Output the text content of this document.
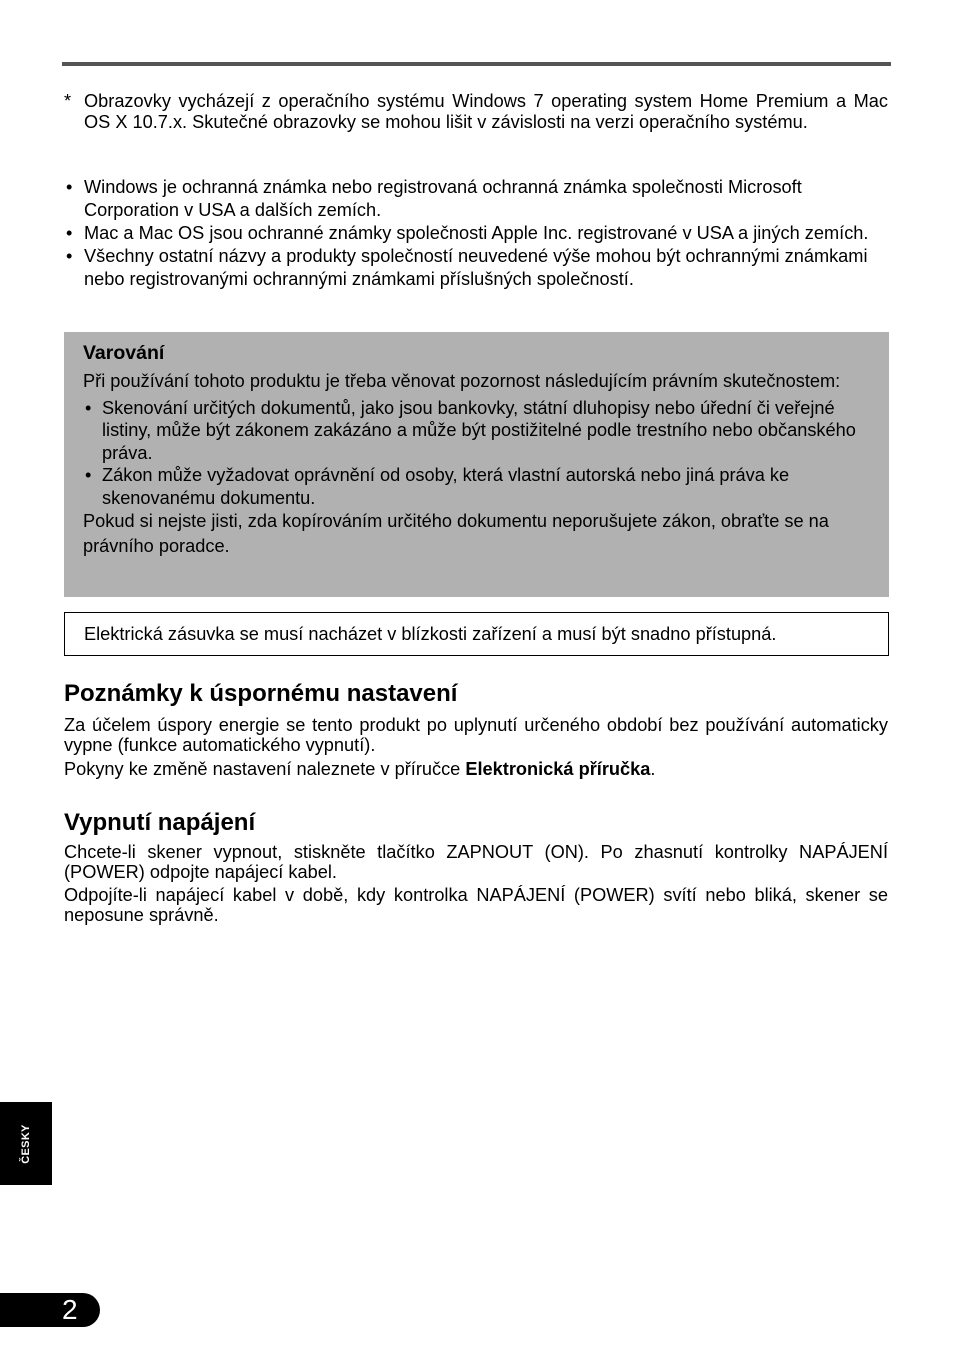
* Obrazovky vycházejí z operačního systému Windows 7 operating system Home Premium a Mac OS X 10.7.x. Skutečné obrazovky se mohou lišit v závislosti na verzi operačního systému.
• Windows je ochranná známka nebo registrovaná ochranná známka společnosti Microsoft Corporation v USA a dalších zemích.
• Mac a Mac OS jsou ochranné známky společnosti Apple Inc. registrované v USA a jiných zemích.
• Všechny ostatní názvy a produkty společností neuvedené výše mohou být ochrannými známkami nebo registrovanými ochrannými známkami příslušných společností.
Varování
Při používání tohoto produktu je třeba věnovat pozornost následujícím právním skutečnostem:
• Skenování určitých dokumentů, jako jsou bankovky, státní dluhopisy nebo úřední či veřejné listiny, může být zákonem zakázáno a může být postižitelné podle trestního nebo občanského práva.
• Zákon může vyžadovat oprávnění od osoby, která vlastní autorská nebo jiná práva ke skenovanému dokumentu.
Pokud si nejste jisti, zda kopírováním určitého dokumentu neporušujete zákon, obraťte se na právního poradce.
Elektrická zásuvka se musí nacházet v blízkosti zařízení a musí být snadno přístupná.
Poznámky k úspornému nastavení

Za účelem úspory energie se tento produkt po uplynutí určeného období bez používání automaticky vypne (funkce automatického vypnutí).

Pokyny ke změně nastavení naleznete v příručce Elektronická příručka.

Vypnutí napájení

Chcete-li skener vypnout, stiskněte tlačítko ZAPNOUT (ON). Po zhasnutí kontrolky NAPÁJENÍ (POWER) odpojte napájecí kabel.

Odpojíte-li napájecí kabel v době, kdy kontrolka NAPÁJENÍ (POWER) svítí nebo bliká, skener se neposune správně.

ČESKY
2
